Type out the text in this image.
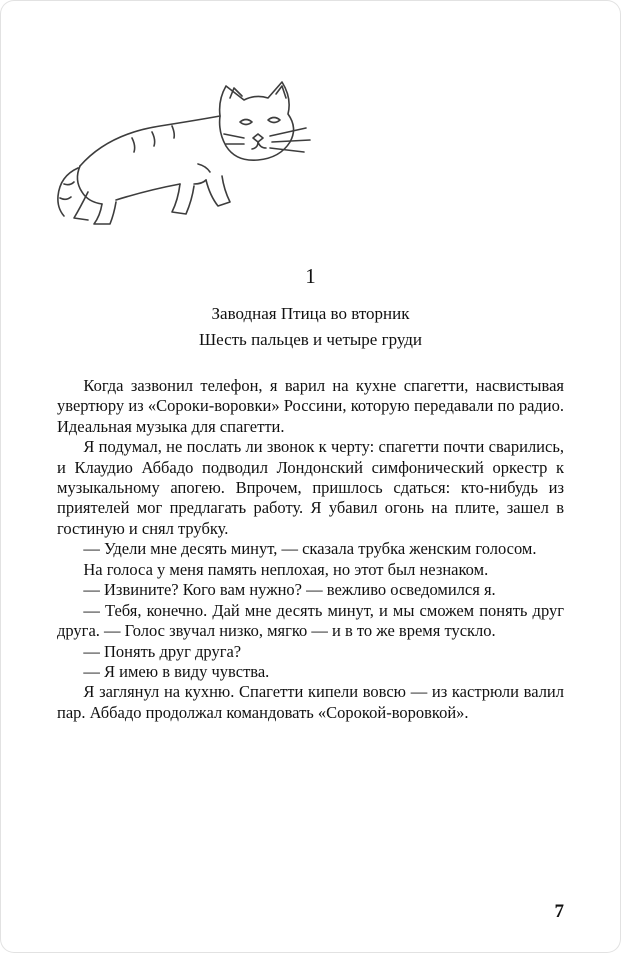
1
Заводная Птица во вторник
Шесть пальцев и четыре груди

Когда зазвонил телефон, я варил на кухне спагетти, насвистывая увертюру из «Сороки-воровки» Россини, которую передавали по радио. Идеальная музыка для спагетти.

Я подумал, не послать ли звонок к черту: спагетти почти сварились, и Клаудио Аббадо подводил Лондонский симфонический оркестр к музыкальному апогею. Впрочем, пришлось сдаться: кто-нибудь из приятелей мог предлагать работу. Я убавил огонь на плите, зашел в гостиную и снял трубку.

— Удели мне десять минут, — сказала трубка женским голосом.

На голоса у меня память неплохая, но этот был незнаком.

— Извините? Кого вам нужно? — вежливо осведомился я.

— Тебя, конечно. Дай мне десять минут, и мы сможем понять друг друга. — Голос звучал низко, мягко — и в то же время тускло.

— Понять друг друга?

— Я имею в виду чувства.

Я заглянул на кухню. Спагетти кипели вовсю — из кастрюли валил пар. Аббадо продолжал командовать «Сорокой-воровкой».

7
